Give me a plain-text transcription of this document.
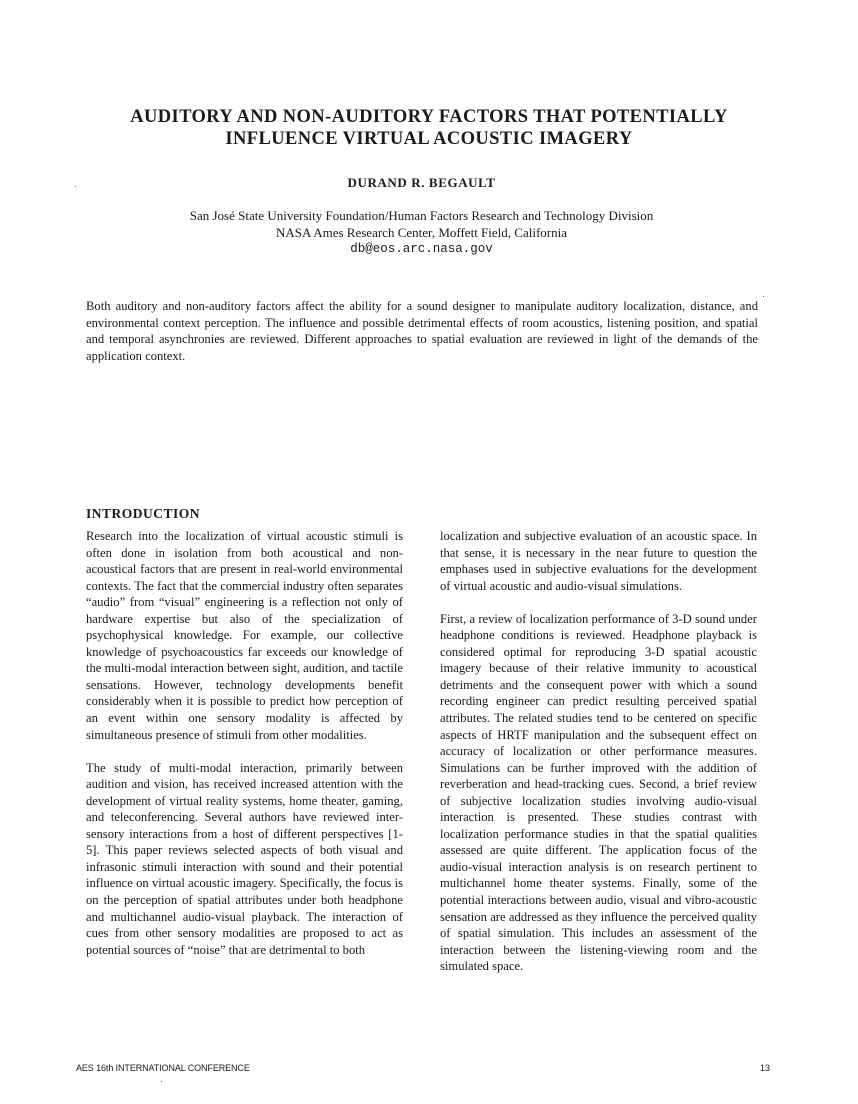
AUDITORY AND NON-AUDITORY FACTORS THAT POTENTIALLY
INFLUENCE VIRTUAL ACOUSTIC IMAGERY
DURAND R. BEGAULT
San José State University Foundation/Human Factors Research and Technology Division
NASA Ames Research Center, Moffett Field, California
db@eos.arc.nasa.gov
Both auditory and non-auditory factors affect the ability for a sound designer to manipulate auditory localization, distance, and environmental context perception. The influence and possible detrimental effects of room acoustics, listening position, and spatial and temporal asynchronies are reviewed. Different approaches to spatial evaluation are reviewed in light of the demands of the application context.
INTRODUCTION

Research into the localization of virtual acoustic stimuli is often done in isolation from both acoustical and non-acoustical factors that are present in real-world environmental contexts. The fact that the commercial industry often separates “audio” from “visual” engineering is a reflection not only of hardware expertise but also of the specialization of psychophysical knowledge. For example, our collective knowledge of psychoacoustics far exceeds our knowledge of the multi-modal interaction between sight, audition, and tactile sensations. However, technology developments benefit considerably when it is possible to predict how perception of an event within one sensory modality is affected by simultaneous presence of stimuli from other modalities.

The study of multi-modal interaction, primarily between audition and vision, has received increased attention with the development of virtual reality systems, home theater, gaming, and teleconferencing. Several authors have reviewed inter-sensory interactions from a host of different perspectives [1-5]. This paper reviews selected aspects of both visual and infrasonic stimuli interaction with sound and their potential influence on virtual acoustic imagery. Specifically, the focus is on the perception of spatial attributes under both headphone and multichannel audio-visual playback. The interaction of cues from other sensory modalities are proposed to act as potential sources of “noise” that are detrimental to both

localization and subjective evaluation of an acoustic space. In that sense, it is necessary in the near future to question the emphases used in subjective evaluations for the development of virtual acoustic and audio-visual simulations.

First, a review of localization performance of 3-D sound under headphone conditions is reviewed. Headphone playback is considered optimal for reproducing 3-D spatial acoustic imagery because of their relative immunity to acoustical detriments and the consequent power with which a sound recording engineer can predict resulting perceived spatial attributes. The related studies tend to be centered on specific aspects of HRTF manipulation and the subsequent effect on accuracy of localization or other performance measures. Simulations can be further improved with the addition of reverberation and head-tracking cues. Second, a brief review of subjective localization studies involving audio-visual interaction is presented. These studies contrast with localization performance studies in that the spatial qualities assessed are quite different. The application focus of the audio-visual interaction analysis is on research pertinent to multichannel home theater systems. Finally, some of the potential interactions between audio, visual and vibro-acoustic sensation are addressed as they influence the perceived quality of spatial simulation. This includes an assessment of the interaction between the listening-viewing room and the simulated space.

AES 16th INTERNATIONAL CONFERENCE	13
